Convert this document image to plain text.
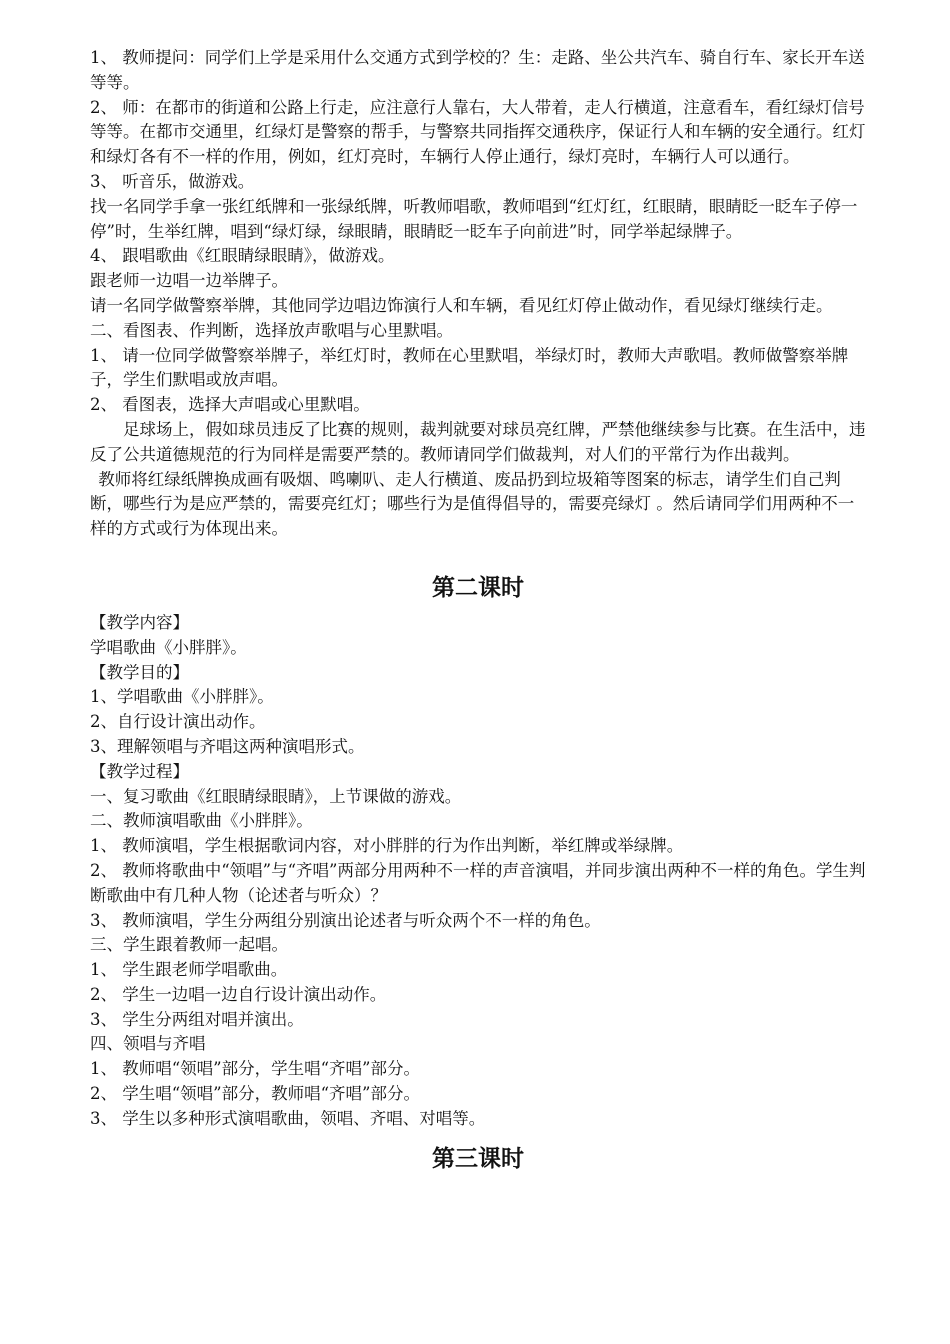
1、 教师提问：同学们上学是采用什么交通方式到学校的？生：走路、坐公共汽车、骑自行车、家长开车送等等。

2、 师：在都市的街道和公路上行走，应注意行人靠右，大人带着，走人行横道，注意看车，看红绿灯信号等等。在都市交通里，红绿灯是警察的帮手，与警察共同指挥交通秩序，保证行人和车辆的安全通行。红灯和绿灯各有不一样的作用，例如，红灯亮时，车辆行人停止通行，绿灯亮时，车辆行人可以通行。

3、 听音乐，做游戏。

找一名同学手拿一张红纸牌和一张绿纸牌，听教师唱歌，教师唱到“红灯红，红眼睛，眼睛眨一眨车子停一停”时，生举红牌，唱到“绿灯绿，绿眼睛，眼睛眨一眨车子向前进”时，同学举起绿牌子。

4、 跟唱歌曲《红眼睛绿眼睛》，做游戏。

跟老师一边唱一边举牌子。

请一名同学做警察举牌，其他同学边唱边饰演行人和车辆，看见红灯停止做动作，看见绿灯继续行走。

二、看图表、作判断，选择放声歌唱与心里默唱。

1、 请一位同学做警察举牌子，举红灯时，教师在心里默唱，举绿灯时，教师大声歌唱。教师做警察举牌子，学生们默唱或放声唱。

2、 看图表，选择大声唱或心里默唱。

足球场上，假如球员违反了比赛的规则，裁判就要对球员亮红牌，严禁他继续参与比赛。在生活中，违反了公共道德规范的行为同样是需要严禁的。教师请同学们做裁判，对人们的平常行为作出裁判。

教师将红绿纸牌换成画有吸烟、鸣喇叭、走人行横道、废品扔到垃圾箱等图案的标志，请学生们自己判断，哪些行为是应严禁的，需要亮红灯；哪些行为是值得倡导的，需要亮绿灯 。然后请同学们用两种不一样的方式或行为体现出来。

第二课时

【教学内容】

学唱歌曲《小胖胖》。

【教学目的】

1、学唱歌曲《小胖胖》。

2、自行设计演出动作。

3、理解领唱与齐唱这两种演唱形式。

【教学过程】

一、复习歌曲《红眼睛绿眼睛》，上节课做的游戏。

二、教师演唱歌曲《小胖胖》。

1、 教师演唱，学生根据歌词内容，对小胖胖的行为作出判断，举红牌或举绿牌。

2、 教师将歌曲中“领唱”与“齐唱”两部分用两种不一样的声音演唱，并同步演出两种不一样的角色。学生判断歌曲中有几种人物（论述者与听众）？

3、 教师演唱，学生分两组分别演出论述者与听众两个不一样的角色。

三、学生跟着教师一起唱。

1、 学生跟老师学唱歌曲。

2、 学生一边唱一边自行设计演出动作。

3、 学生分两组对唱并演出。

四、领唱与齐唱

1、 教师唱“领唱”部分，学生唱“齐唱”部分。

2、 学生唱“领唱”部分，教师唱“齐唱”部分。

3、 学生以多种形式演唱歌曲，领唱、齐唱、对唱等。

第三课时
